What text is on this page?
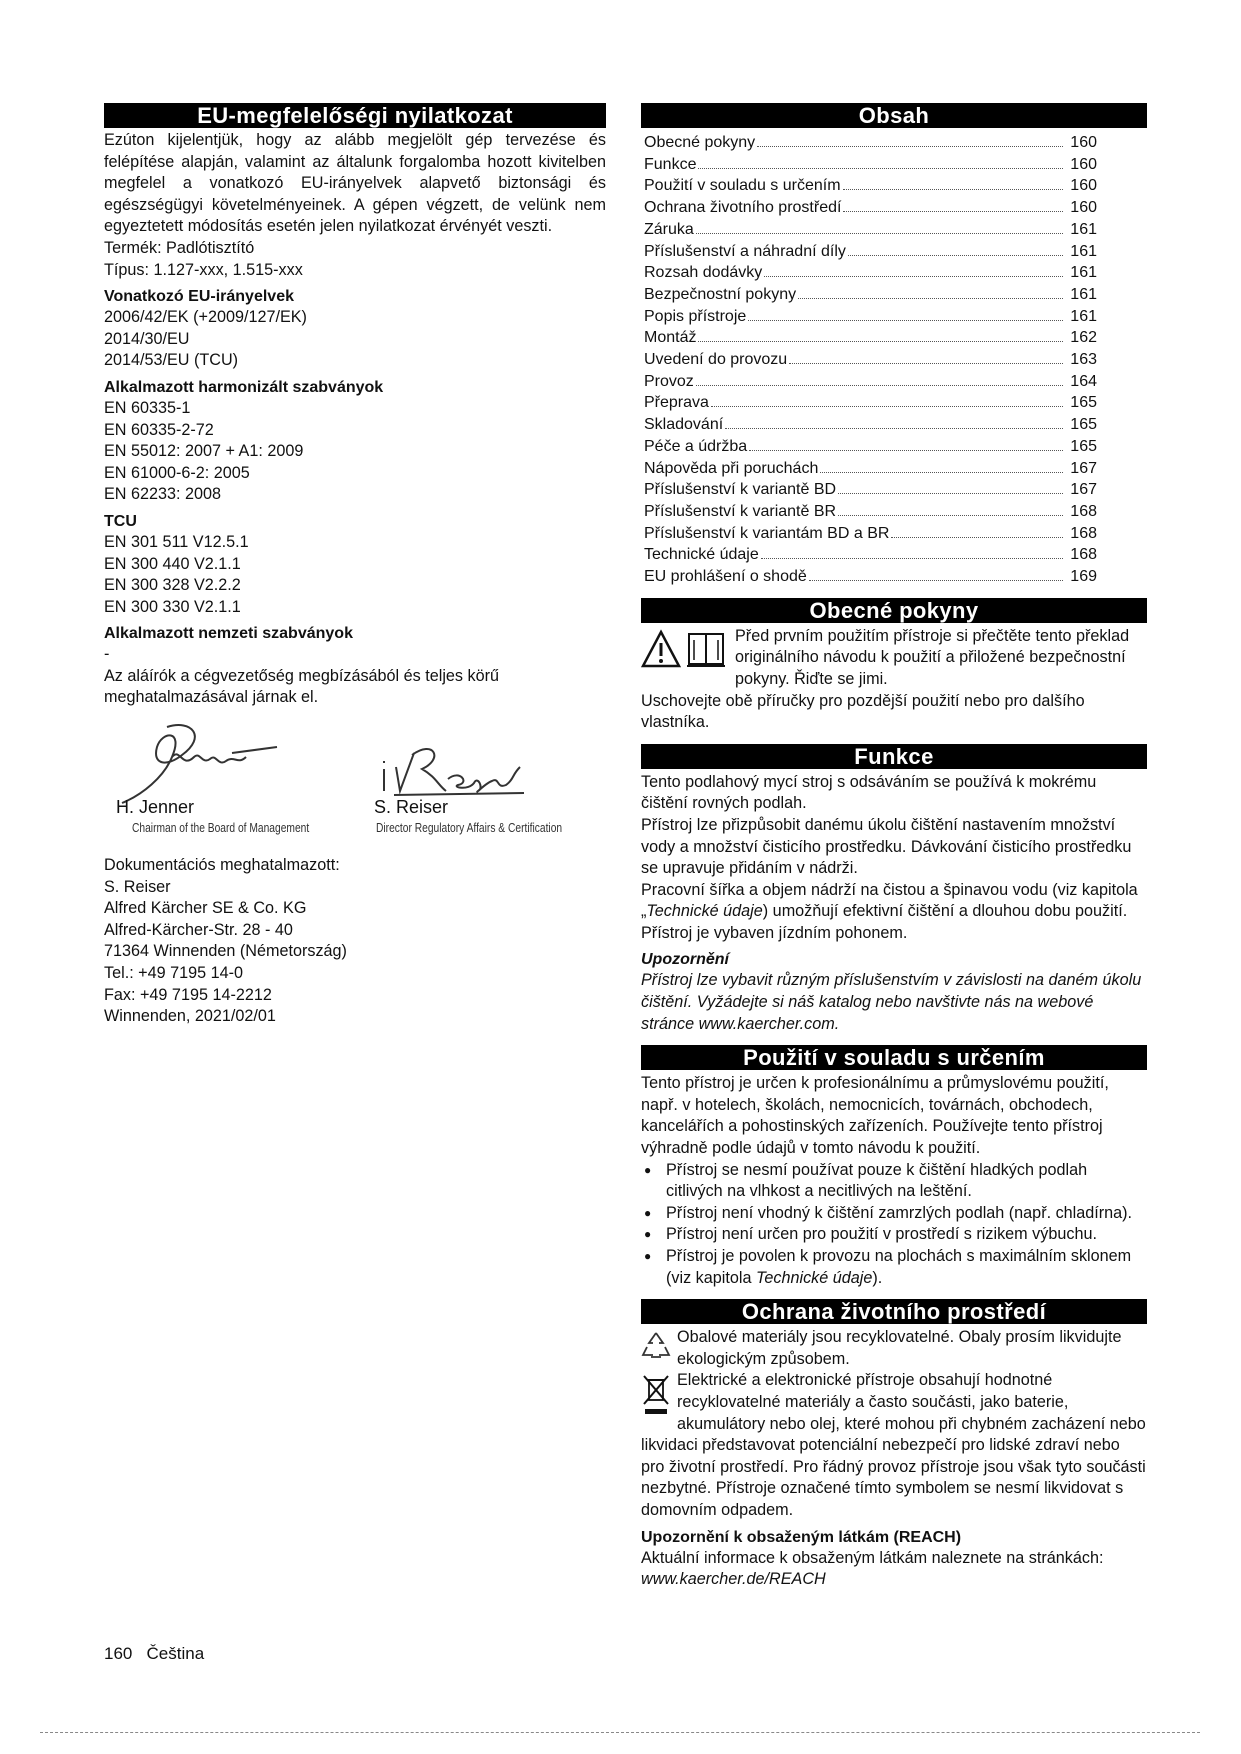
EU-megfelelőségi nyilatkozat

Ezúton kijelentjük, hogy az alább megjelölt gép tervezése és felépítése alapján, valamint az általunk forgalomba hozott kivitelben megfelel a vonatkozó EU-irányelvek alapvető biztonsági és egészségügyi követelményeinek. A gépen végzett, de velünk nem egyeztetett módosítás esetén jelen nyilatkozat érvényét veszti.

Termék: Padlótisztító

Típus: 1.127-xxx, 1.515-xxx

Vonatkozó EU-irányelvek
2006/42/EK (+2009/127/EK)
2014/30/EU
2014/53/EU (TCU)
Alkalmazott harmonizált szabványok
EN 60335-1
EN 60335-2-72
EN 55012: 2007 + A1: 2009
EN 61000-6-2: 2005
EN 62233: 2008
TCU
EN 301 511 V12.5.1
EN 300 440 V2.1.1
EN 300 328 V2.2.2
EN 300 330 V2.1.1
Alkalmazott nemzeti szabványok
-

Az aláírók a cégvezetőség megbízásából és teljes körű meghatalmazásával járnak el.

H. Jenner
Chairman of the Board of Management
S. Reiser
Director Regulatory Affairs & Certification
Dokumentációs meghatalmazott:
S. Reiser
Alfred Kärcher SE & Co. KG
Alfred-Kärcher-Str. 28 - 40
71364 Winnenden (Németország)
Tel.: +49 7195 14-0
Fax: +49 7195 14-2212
Winnenden, 2021/02/01
Obsah
Obecné pokyny	160
Funkce	160
Použití v souladu s určením	160
Ochrana životního prostředí	160
Záruka	161
Příslušenství a náhradní díly	161
Rozsah dodávky	161
Bezpečnostní pokyny	161
Popis přístroje	161
Montáž	162
Uvedení do provozu	163
Provoz	164
Přeprava	165
Skladování	165
Péče a údržba	165
Nápověda při poruchách	167
Příslušenství k variantě BD	167
Příslušenství k variantě BR	168
Příslušenství k variantám BD a BR	168
Technické údaje	168
EU prohlášení o shodě	169
Obecné pokyny

Před prvním použitím přístroje si přečtěte tento překlad originálního návodu k použití a přiložené bezpečnostní pokyny. Řiďte se jimi.

Uschovejte obě příručky pro pozdější použití nebo pro dalšího vlastníka.

Funkce

Tento podlahový mycí stroj s odsáváním se používá k mokrému čištění rovných podlah.

Přístroj lze přizpůsobit danému úkolu čištění nastavením množství vody a množství čisticího prostředku. Dávkování čisticího prostředku se upravuje přidáním v nádrži.

Pracovní šířka a objem nádrží na čistou a špinavou vodu (viz kapitola „Technické údaje) umožňují efektivní čištění a dlouhou dobu použití.

Přístroj je vybaven jízdním pohonem.

Upozornění

Přístroj lze vybavit různým příslušenstvím v závislosti na daném úkolu čištění. Vyžádejte si náš katalog nebo navštivte nás na webové stránce www.kaercher.com.

Použití v souladu s určením

Tento přístroj je určen k profesionálnímu a průmyslovému použití, např. v hotelech, školách, nemocnicích, továrnách, obchodech, kancelářích a pohostinských zařízeních. Používejte tento přístroj výhradně podle údajů v tomto návodu k použití.

● Přístroj se nesmí používat pouze k čištění hladkých podlah citlivých na vlhkost a necitlivých na leštění.
● Přístroj není vhodný k čištění zamrzlých podlah (např. chladírna).
● Přístroj není určen pro použití v prostředí s rizikem výbuchu.
● Přístroj je povolen k provozu na plochách s maximálním sklonem (viz kapitola Technické údaje).
Ochrana životního prostředí

Obalové materiály jsou recyklovatelné. Obaly prosím likvidujte ekologickým způsobem.

Elektrické a elektronické přístroje obsahují hodnotné recyklovatelné materiály a často součásti, jako baterie, akumulátory nebo olej, které mohou při chybném zacházení nebo likvidaci představovat potenciální nebezpečí pro lidské zdraví nebo pro životní prostředí. Pro řádný provoz přístroje jsou však tyto součásti nezbytné. Přístroje označené tímto symbolem se nesmí likvidovat s domovním odpadem.

Upozornění k obsaženým látkám (REACH)

Aktuální informace k obsaženým látkám naleznete na stránkách:

www.kaercher.de/REACH

160   Čeština
